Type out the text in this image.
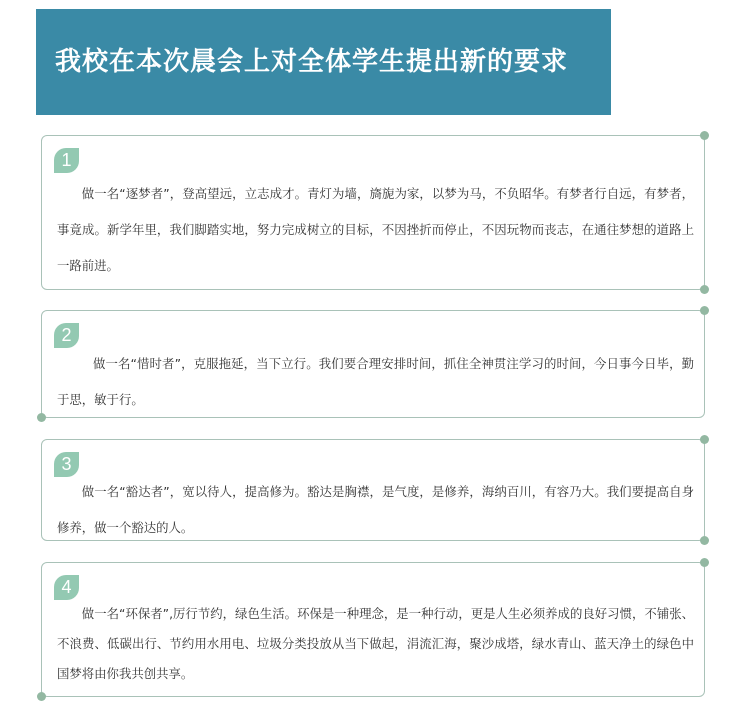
我校在本次晨会上对全体学生提出新的要求
1

做一名“逐梦者”，登高望远，立志成才。青灯为墙，旖旎为家，以梦为马，不负昭华。有梦者行自远，有梦者，事竟成。新学年里，我们脚踏实地，努力完成树立的目标，不因挫折而停止，不因玩物而丧志，在通往梦想的道路上一路前进。

2

做一名“惜时者”，克服拖延，当下立行。我们要合理安排时间，抓住全神贯注学习的时间，今日事今日毕，勤于思，敏于行。

3

做一名“豁达者”，宽以待人，提高修为。豁达是胸襟，是气度，是修养，海纳百川，有容乃大。我们要提高自身修养，做一个豁达的人。

4

做一名“环保者”,厉行节约，绿色生活。环保是一种理念，是一种行动，更是人生必须养成的良好习惯，不铺张、不浪费、低碳出行、节约用水用电、垃圾分类投放从当下做起，涓流汇海，聚沙成塔，绿水青山、蓝天净土的绿色中国梦将由你我共创共享。
